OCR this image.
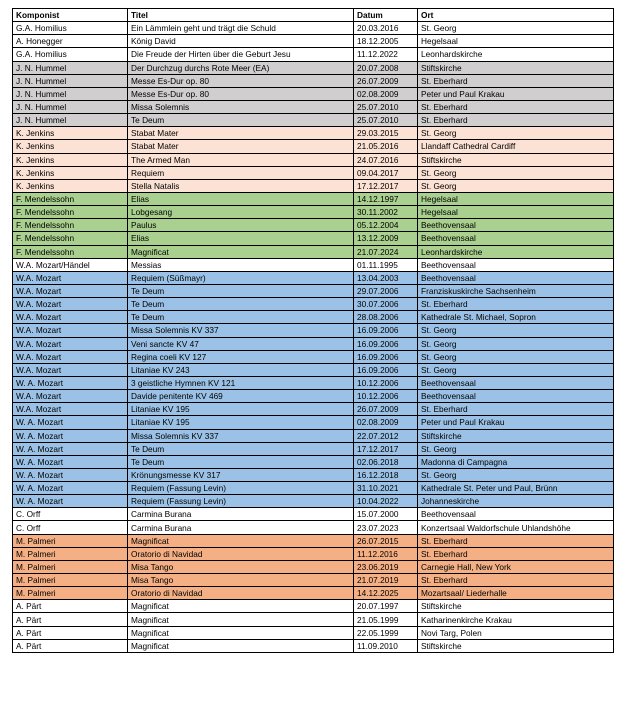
Komponist	Titel	Datum	Ort
G.A. Homilius	Ein Lämmlein geht und trägt die Schuld	20.03.2016	St. Georg
A. Honegger	König David	18.12.2005	Hegelsaal
G.A. Homilius	Die Freude der Hirten über die Geburt Jesu	11.12.2022	Leonhardskirche
J. N. Hummel	Der Durchzug durchs Rote Meer (EA)	20.07.2008	Stiftskirche
J. N. Hummel	Messe Es-Dur op. 80	26.07.2009	St. Eberhard
J. N. Hummel	Messe Es-Dur op. 80	02.08.2009	Peter und Paul Krakau
J. N. Hummel	Missa Solemnis	25.07.2010	St. Eberhard
J. N. Hummel	Te Deum	25.07.2010	St. Eberhard
K. Jenkins	Stabat Mater	29.03.2015	St. Georg
K. Jenkins	Stabat Mater	21.05.2016	Llandaff Cathedral Cardiff
K. Jenkins	The Armed Man	24.07.2016	Stiftskirche
K. Jenkins	Requiem	09.04.2017	St. Georg
K. Jenkins	Stella Natalis	17.12.2017	St. Georg
F. Mendelssohn	Elias	14.12.1997	Hegelsaal
F. Mendelssohn	Lobgesang	30.11.2002	Hegelsaal
F. Mendelssohn	Paulus	05.12.2004	Beethovensaal
F. Mendelssohn	Elias	13.12.2009	Beethovensaal
F. Mendelssohn	Magnificat	21.07.2024	Leonhardskirche
W.A. Mozart/Händel	Messias	01.11.1995	Beethovensaal
W.A. Mozart	Requiem (Süßmayr)	13.04.2003	Beethovensaal
W.A. Mozart	Te Deum	29.07.2006	Franziskuskirche Sachsenheim
W.A. Mozart	Te Deum	30.07.2006	St. Eberhard
W.A. Mozart	Te Deum	28.08.2006	Kathedrale St. Michael, Sopron
W.A. Mozart	Missa Solemnis KV 337	16.09.2006	St. Georg
W.A. Mozart	Veni sancte KV 47	16.09.2006	St. Georg
W.A. Mozart	Regina coeli KV 127	16.09.2006	St. Georg
W.A. Mozart	Litaniae KV 243	16.09.2006	St. Georg
W. A. Mozart	3 geistliche Hymnen KV 121	10.12.2006	Beethovensaal
W.A. Mozart	Davide penitente KV 469	10.12.2006	Beethovensaal
W.A. Mozart	Litaniae KV 195	26.07.2009	St. Eberhard
W. A. Mozart	Litaniae KV 195	02.08.2009	Peter und Paul Krakau
W. A. Mozart	Missa Solemnis KV 337	22.07.2012	Stiftskirche
W. A. Mozart	Te Deum	17.12.2017	St. Georg
W. A. Mozart	Te Deum	02.06.2018	Madonna di Campagna
W. A. Mozart	Krönungsmesse KV 317	16.12.2018	St. Georg
W. A. Mozart	Requiem (Fassung Levin)	31.10.2021	Kathedrale St. Peter und Paul, Brünn
W. A. Mozart	Requiem (Fassung Levin)	10.04.2022	Johanneskirche
C. Orff	Carmina Burana	15.07.2000	Beethovensaal
C. Orff	Carmina Burana	23.07.2023	Konzertsaal Waldorfschule Uhlandshöhe
M. Palmeri	Magnificat	26.07.2015	St. Eberhard
M. Palmeri	Oratorio di Navidad	11.12.2016	St. Eberhard
M. Palmeri	Misa Tango	23.06.2019	Carnegie Hall, New York
M. Palmeri	Misa Tango	21.07.2019	St. Eberhard
M. Palmeri	Oratorio di Navidad	14.12.2025	Mozartsaal/ Liederhalle
A. Pärt	Magnificat	20.07.1997	Stiftskirche
A. Pärt	Magnificat	21.05.1999	Katharinenkirche Krakau
A. Pärt	Magnificat	22.05.1999	Novi Targ, Polen
A. Pärt	Magnificat	11.09.2010	Stiftskirche
